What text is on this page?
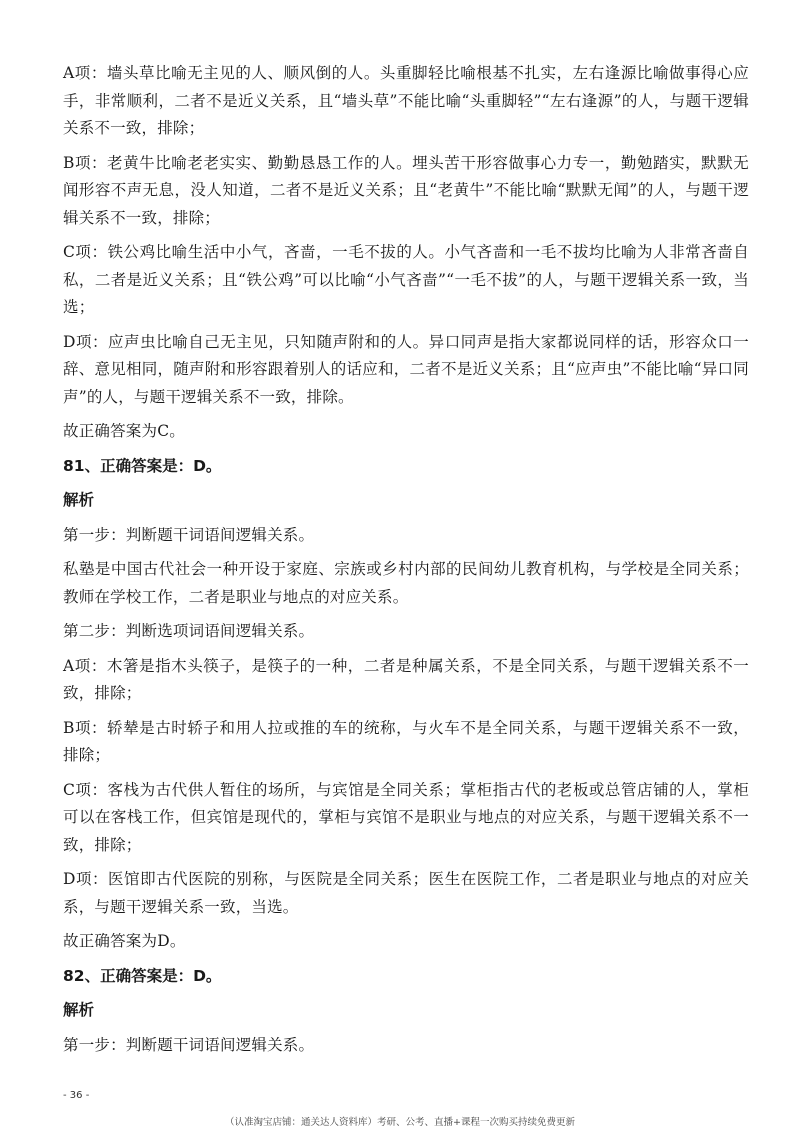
A项：墙头草比喻无主见的人、顺风倒的人。头重脚轻比喻根基不扎实，左右逢源比喻做事得心应手，非常顺利，二者不是近义关系，且“墙头草”不能比喻“头重脚轻”“左右逢源”的人，与题干逻辑关系不一致，排除；

B项：老黄牛比喻老老实实、勤勤恳恳工作的人。埋头苦干形容做事心力专一，勤勉踏实，默默无闻形容不声无息，没人知道，二者不是近义关系；且“老黄牛”不能比喻“默默无闻”的人，与题干逻辑关系不一致，排除；

C项：铁公鸡比喻生活中小气，吝啬，一毛不拔的人。小气吝啬和一毛不拔均比喻为人非常吝啬自私，二者是近义关系；且“铁公鸡”可以比喻“小气吝啬”“一毛不拔”的人，与题干逻辑关系一致，当选；

D项：应声虫比喻自己无主见，只知随声附和的人。异口同声是指大家都说同样的话，形容众口一辞、意见相同，随声附和形容跟着别人的话应和，二者不是近义关系；且“应声虫”不能比喻“异口同声”的人，与题干逻辑关系不一致，排除。

故正确答案为C。

81、正确答案是：D。

解析

第一步：判断题干词语间逻辑关系。

私塾是中国古代社会一种开设于家庭、宗族或乡村内部的民间幼儿教育机构，与学校是全同关系；教师在学校工作，二者是职业与地点的对应关系。

第二步：判断选项词语间逻辑关系。

A项：木箸是指木头筷子，是筷子的一种，二者是种属关系，不是全同关系，与题干逻辑关系不一致，排除；

B项：轿辇是古时轿子和用人拉或推的车的统称，与火车不是全同关系，与题干逻辑关系不一致，排除；

C项：客栈为古代供人暂住的场所，与宾馆是全同关系；掌柜指古代的老板或总管店铺的人，掌柜可以在客栈工作，但宾馆是现代的，掌柜与宾馆不是职业与地点的对应关系，与题干逻辑关系不一致，排除；

D项：医馆即古代医院的别称，与医院是全同关系；医生在医院工作，二者是职业与地点的对应关系，与题干逻辑关系一致，当选。

故正确答案为D。

82、正确答案是：D。

解析

第一步：判断题干词语间逻辑关系。

- 36 -
（认准淘宝店铺：通关达人资料库）考研、公考、直播+课程一次购买持续免费更新
